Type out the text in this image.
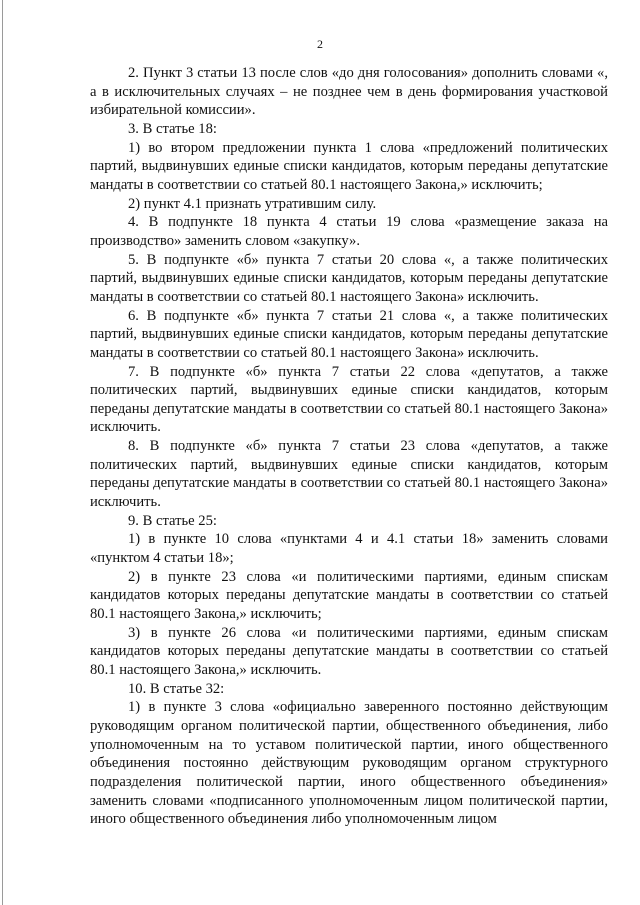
2

2. Пункт 3 статьи 13 после слов «до дня голосования» дополнить словами «, а в исключительных случаях – не позднее чем в день формирования участковой избирательной комиссии».

3. В статье 18:

1) во втором предложении пункта 1 слова «предложений политических партий, выдвинувших единые списки кандидатов, которым переданы депутатские мандаты в соответствии со статьей 80.1 настоящего Закона,» исключить;

2) пункт 4.1 признать утратившим силу.

4. В подпункте 18 пункта 4 статьи 19 слова «размещение заказа на производство» заменить словом «закупку».

5. В подпункте «б» пункта 7 статьи 20 слова «, а также политических партий, выдвинувших единые списки кандидатов, которым переданы депутатские мандаты в соответствии со статьей 80.1 настоящего Закона» исключить.

6. В подпункте «б» пункта 7 статьи 21 слова «, а также политических партий, выдвинувших единые списки кандидатов, которым переданы депутатские мандаты в соответствии со статьей 80.1 настоящего Закона» исключить.

7. В подпункте «б» пункта 7 статьи 22 слова «депутатов, а также политических партий, выдвинувших единые списки кандидатов, которым переданы депутатские мандаты в соответствии со статьей 80.1 настоящего Закона» исключить.

8. В подпункте «б» пункта 7 статьи 23 слова «депутатов, а также политических партий, выдвинувших единые списки кандидатов, которым переданы депутатские мандаты в соответствии со статьей 80.1 настоящего Закона» исключить.

9. В статье 25:

1) в пункте 10 слова «пунктами 4 и 4.1 статьи 18» заменить словами «пунктом 4 статьи 18»;

2) в пункте 23 слова «и политическими партиями, единым спискам кандидатов которых переданы депутатские мандаты в соответствии со статьей 80.1 настоящего Закона,» исключить;

3) в пункте 26 слова «и политическими партиями, единым спискам кандидатов которых переданы депутатские мандаты в соответствии со статьей 80.1 настоящего Закона,» исключить.

10. В статье 32:

1) в пункте 3 слова «официально заверенного постоянно действующим руководящим органом политической партии, общественного объединения, либо уполномоченным на то уставом политической партии, иного общественного объединения постоянно действующим руководящим органом структурного подразделения политической партии, иного общественного объединения» заменить словами «подписанного уполномоченным лицом политической партии, иного общественного объединения либо уполномоченным лицом
